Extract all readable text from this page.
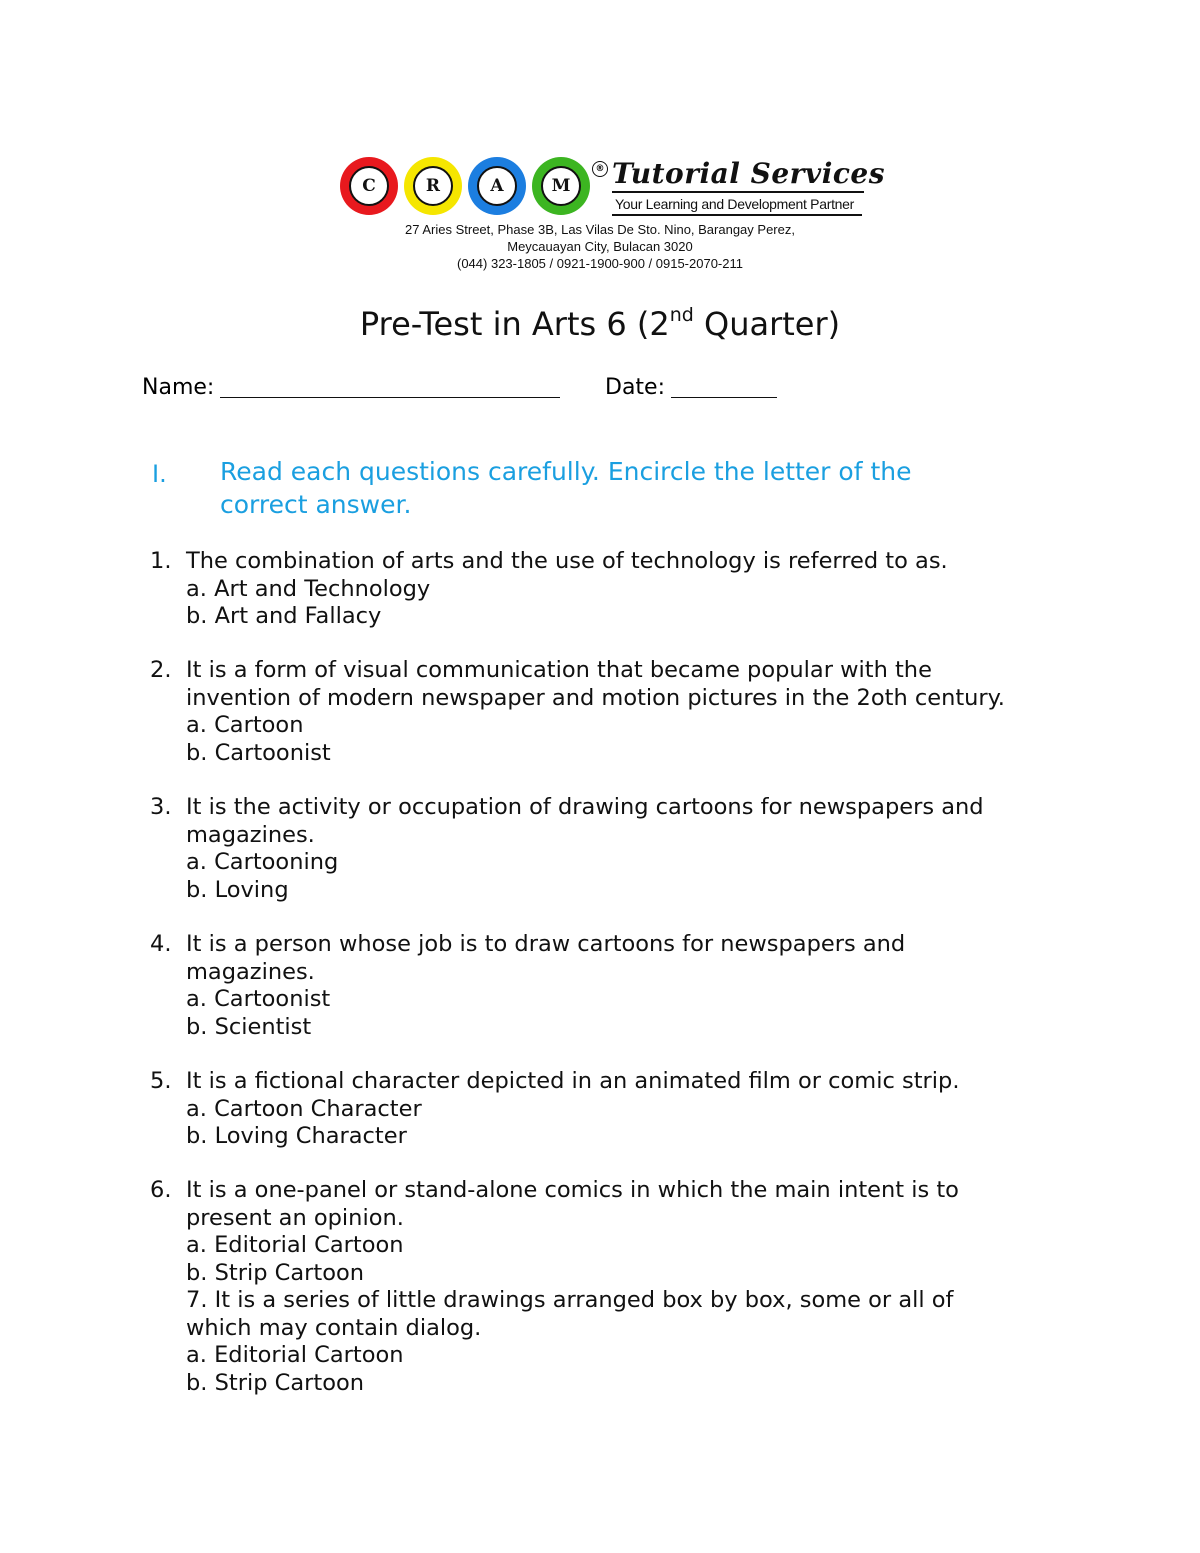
C	R	A	M
® Tutorial Services
Your Learning and Development Partner
27 Aries Street, Phase 3B, Las Vilas De Sto. Nino, Barangay Perez,
Meycauayan City, Bulacan 3020
(044) 323-1805 / 0921-1900-900 / 0915-2070-211
Pre-Test in Arts 6 (2nd Quarter)
Name:	Date:
I. Read each questions carefully. Encircle the letter of the
correct answer.
1. The combination of arts and the use of technology is referred to as.
a. Art and Technology
b. Art and Fallacy
2. It is a form of visual communication that became popular with the
invention of modern newspaper and motion pictures in the 2oth century.
a. Cartoon
b. Cartoonist
3. It is the activity or occupation of drawing cartoons for newspapers and
magazines.
a. Cartooning
b. Loving
4. It is a person whose job is to draw cartoons for newspapers and
magazines.
a. Cartoonist
b. Scientist
5. It is a fictional character depicted in an animated film or comic strip.
a. Cartoon Character
b. Loving Character
6. It is a one-panel or stand-alone comics in which the main intent is to
present an opinion.
a. Editorial Cartoon
b. Strip Cartoon
7. It is a series of little drawings arranged box by box, some or all of
which may contain dialog.
a. Editorial Cartoon
b. Strip Cartoon
